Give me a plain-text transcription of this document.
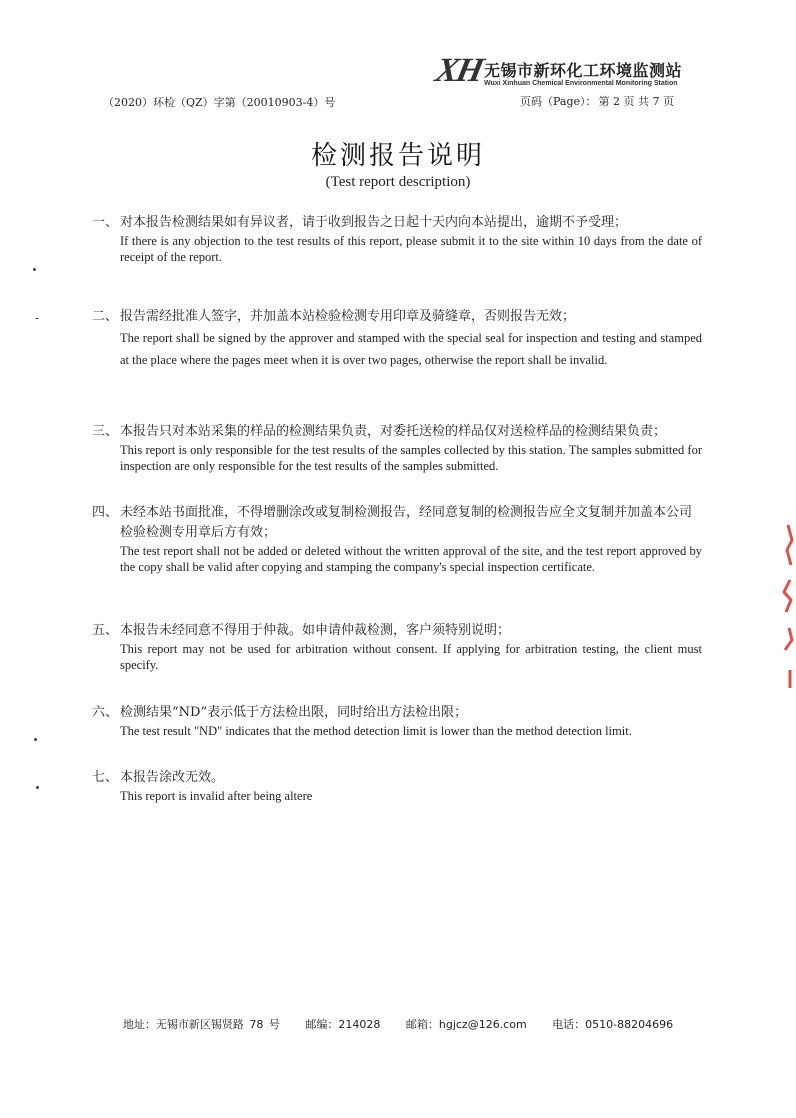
XH
无锡市新环化工环境监测站
Wuxi Xinhuan Chemical Environmental Monitoring Station
（2020）环检（QZ）字第（20010903-4）号	页码（Page）： 第 2 页 共 7 页
检测报告说明
(Test report description)
一、 对本报告检测结果如有异议者，请于收到报告之日起十天内向本站提出，逾期不予受理；
If there is any objection to the test results of this report, please submit it to the site within 10 days from the date of receipt of the report.
二、 报告需经批准人签字，并加盖本站检验检测专用印章及骑缝章，否则报告无效；
The report shall be signed by the approver and stamped with the special seal for inspection and testing and stamped at the place where the pages meet when it is over two pages, otherwise the report shall be invalid.
三、 本报告只对本站采集的样品的检测结果负责，对委托送检的样品仅对送检样品的检测结果负责；
This report is only responsible for the test results of the samples collected by this station. The samples submitted for inspection are only responsible for the test results of the samples submitted.
四、 未经本站书面批准，不得增删涂改或复制检测报告，经同意复制的检测报告应全文复制并加盖本公司检验检测专用章后方有效；
The test report shall not be added or deleted without the written approval of the site, and the test report approved by the copy shall be valid after copying and stamping the company's special inspection certificate.
五、 本报告未经同意不得用于仲裁。如申请仲裁检测，客户须特别说明；
This report may not be used for arbitration without consent. If applying for arbitration testing, the client must specify.
六、 检测结果“ND”表示低于方法检出限，同时给出方法检出限；
The test result "ND" indicates that the method detection limit is lower than the method detection limit.
七、 本报告涂改无效。
This report is invalid after being altere
地址：无锡市新区锡贤路 78 号 邮编：214028 邮箱：hgjcz@126.com 电话：0510-88204696
